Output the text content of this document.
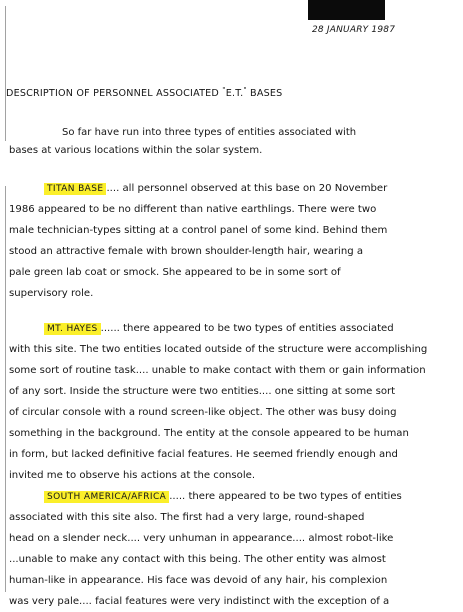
28 JANUARY 1987
DESCRIPTION OF PERSONNEL ASSOCIATED "E.T." BASES
So far have run into three types of entities associated with
bases at various locations within the solar system.
TITAN BASE .... all personnel observed at this base on 20 November
1986 appeared to be no different than native earthlings. There were two
male technician-types sitting at a control panel of some kind. Behind them
stood an attractive female with brown shoulder-length hair, wearing a
pale green lab coat or smock. She appeared to be in some sort of
supervisory role.
MT. HAYES ...... there appeared to be two types of entities associated
with this site. The two entities located outside of the structure were accomplishing
some sort of routine task.... unable to make contact with them or gain information
of any sort. Inside the structure were two entities.... one sitting at some sort
of circular console with a round screen-like object. The other was busy doing
something in the background. The entity at the console appeared to be human
in form, but lacked definitive facial features. He seemed friendly enough and
invited me to observe his actions at the console.
SOUTH AMERICA/AFRICA ..... there appeared to be two types of entities
associated with this site also. The first had a very large, round-shaped
head on a slender neck.... very unhuman in appearance.... almost robot-like
...unable to make any contact with this being. The other entity was almost
human-like in appearance. His face was devoid of any hair, his complexion
was very pale.... facial features were very indistinct with the exception of a
